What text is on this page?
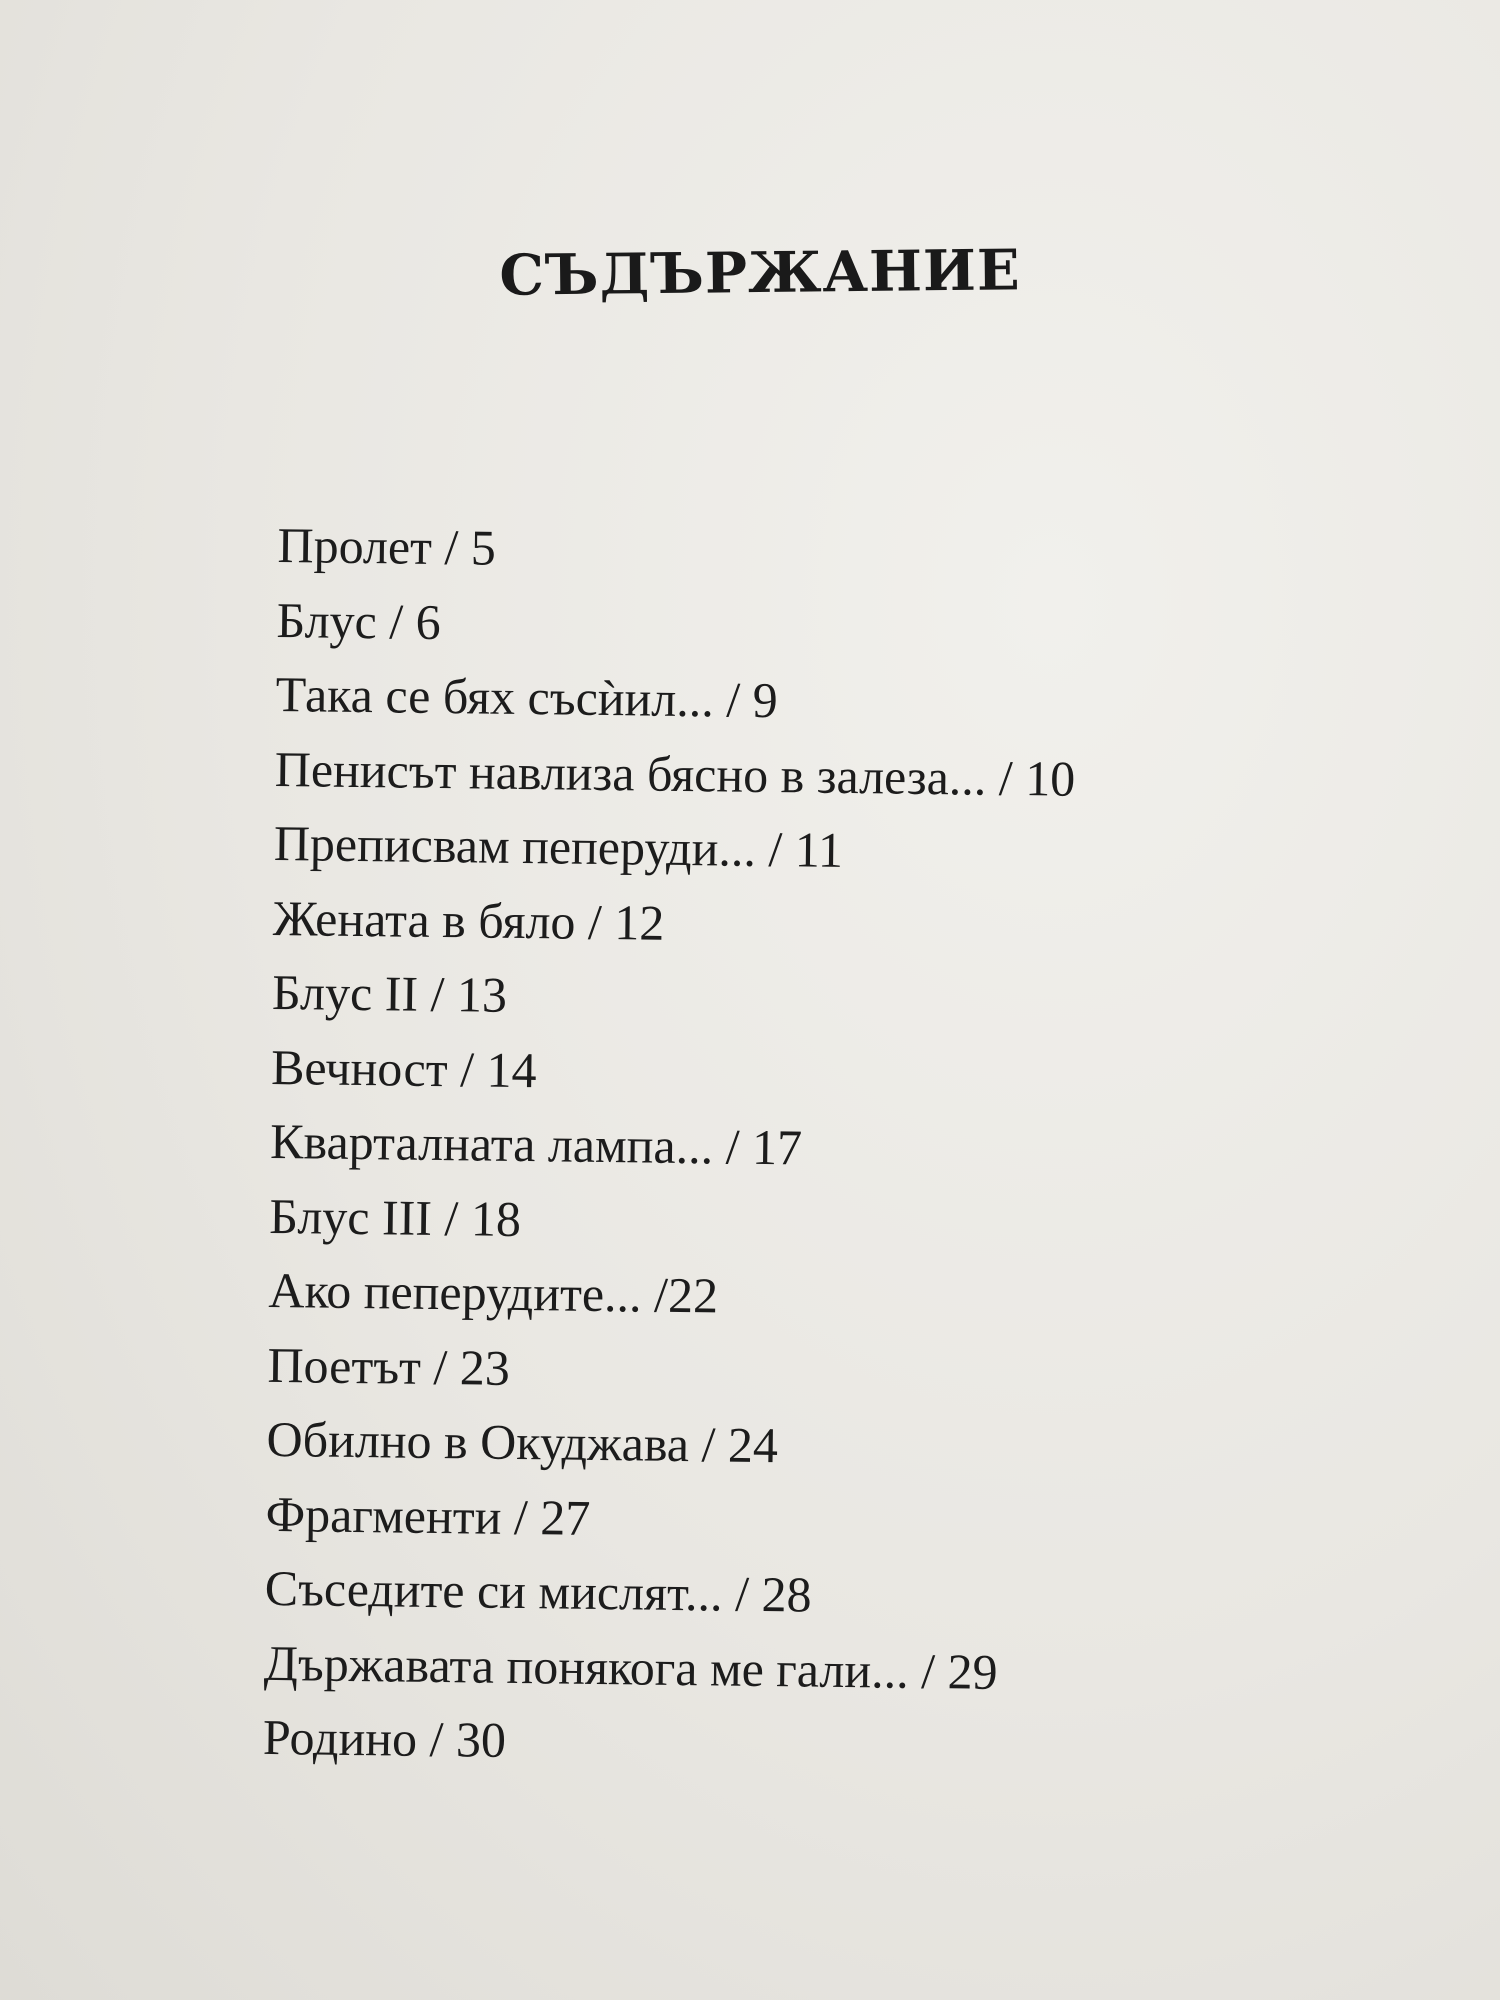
СЪДЪРЖАНИЕ
Пролет / 5
Блус / 6
Така се бях съсѝил... / 9
Пенисът навлиза бясно в залеза... / 10
Преписвам пеперуди... / 11
Жената в бяло / 12
Блус II / 13
Вечност / 14
Кварталната лампа... / 17
Блус III / 18
Ако пеперудите... /22
Поетът / 23
Обилно в Окуджава / 24
Фрагменти / 27
Съседите си мислят... / 28
Държавата понякога ме гали... / 29
Родино / 30
